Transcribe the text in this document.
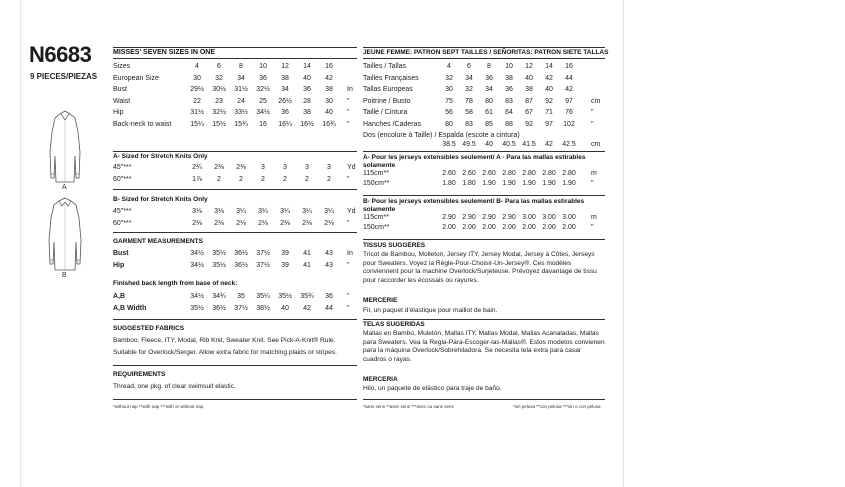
N6683
9 PIECES/PIEZAS
A
B
MISSES' SEVEN SIZES IN ONE
Sizes	4	6	8	10	12	14	16
European Size	30	32	34	36	38	40	42
Bust	29½	30½	31½	32½	34	36	38	In
Waist	22	23	24	25	26½	28	30	"
Hip	31½	32½	33½	34½	36	38	40	"
Back-neck to waist	15¼	15½	15¾	16	16¼	16½	16¾	"
A- Sized for Stretch Knits Only
45"***	2¾	2⅜	2⅜	3	3	3	3	Yd
60"***	1⅞	2	2	2	2	2	2	"
B- Sized for Stretch Knits Only
45"***	3⅛	3⅛	3¼	3¼	3¼	3¼	3¼	Yd
60"***	2⅛	2⅛	2⅛	2⅛	2⅛	2⅛	2⅛	"
GARMENT MEASUREMENTS
Bust	34½	35½	36½	37½	39	41	43	In
Hip	34½	35½	36½	37½	39	41	43	"
Finished back length from base of neck:
A,B	34½	34¾	35	35¼	35½	35¾	36	"
A,B Width	35½	36½	37½	38½	40	42	44	"
SUGGESTED FABRICS
Bamboo, Fleece, ITY, Modal, Rib Knit, Sweater Knit. See Pick-A-Knit® Rule.
Suitable for Overlock/Serger. Allow extra fabric for matching plaids or stripes.
REQUIREMENTS
Thread, one pkg. of clear swimsuit elastic.
*without nap **with nap ***with or without nap
JEUNE FEMME: PATRON SEPT TAILLES / SEÑORITAS: PATRON SIETE TALLAS
Tailles / Tallas	4	6	8	10	12	14	16
Tailles Françaises	32	34	36	38	40	42	44
Tallas Europeas	30	32	34	36	38	40	42
Poitrine / Busto	75	78	80	83	87	92	97	cm
Taille / Cintura	56	58	61	64	67	71	76	"
Hanches /Caderas	80	83	85	88	92	97	102	"
Dos (encolure à Taille) / Espalda (escote a cintura)
38.5 49.5	40	40.5 41.5	42	42.5	cm
A- Pour les jerseys extensibles seulement/ A - Para las mallas estirables
solamente
115cm**	2.60 2.60 2.60 2.80 2.80 2.80 2.80	m
150cm**	1.80 1.80 1.90 1.90 1.90 1.90 1.90	"
B- Pour les jerseys extensibles seulement/ B- Para las mallas estirables
solamente
115cm**	2.90 2.90 2.90 2.90 3.00 3.00 3.00	m
150cm**	2.00 2.00 2.00 2.00 2.00 2.00 2.00	"
TISSUS SUGGERES
Tricot de Bambou, Molleton, Jersey ITY, Jersey Modal, Jersey à Côtes, Jerseys pour Sweaters. Voyez la Règle-Pour-Choisir-Un-Jersey®. Ces modèles conviennent pour la machine Overlock/Surjeteuse. Prévoyez davantage de tissu pour raccorder les écossais ou rayures.
MERCERIE
Fil, un paquet d'élastique pour maillot de bain.
TELAS SUGERIDAS
Mallas en Bambú, Muletón, Mallas ITY, Mallas Modal, Mallas Acanaladas, Mallas para Sweaters. Vea la Regla-Para-Escoger-las-Mallas®. Estos modelos convienen para la máquina Overlock/Sobrehiladora. Se necesita tela extra para casar cuadros o rayas.
MERCERIA
Hilo, un paquete de elástico para traje de baño.
*sans sens **avec sens ***avec ou sans sens	*sin pelusa **con pelusa ***sin o con pelusa
